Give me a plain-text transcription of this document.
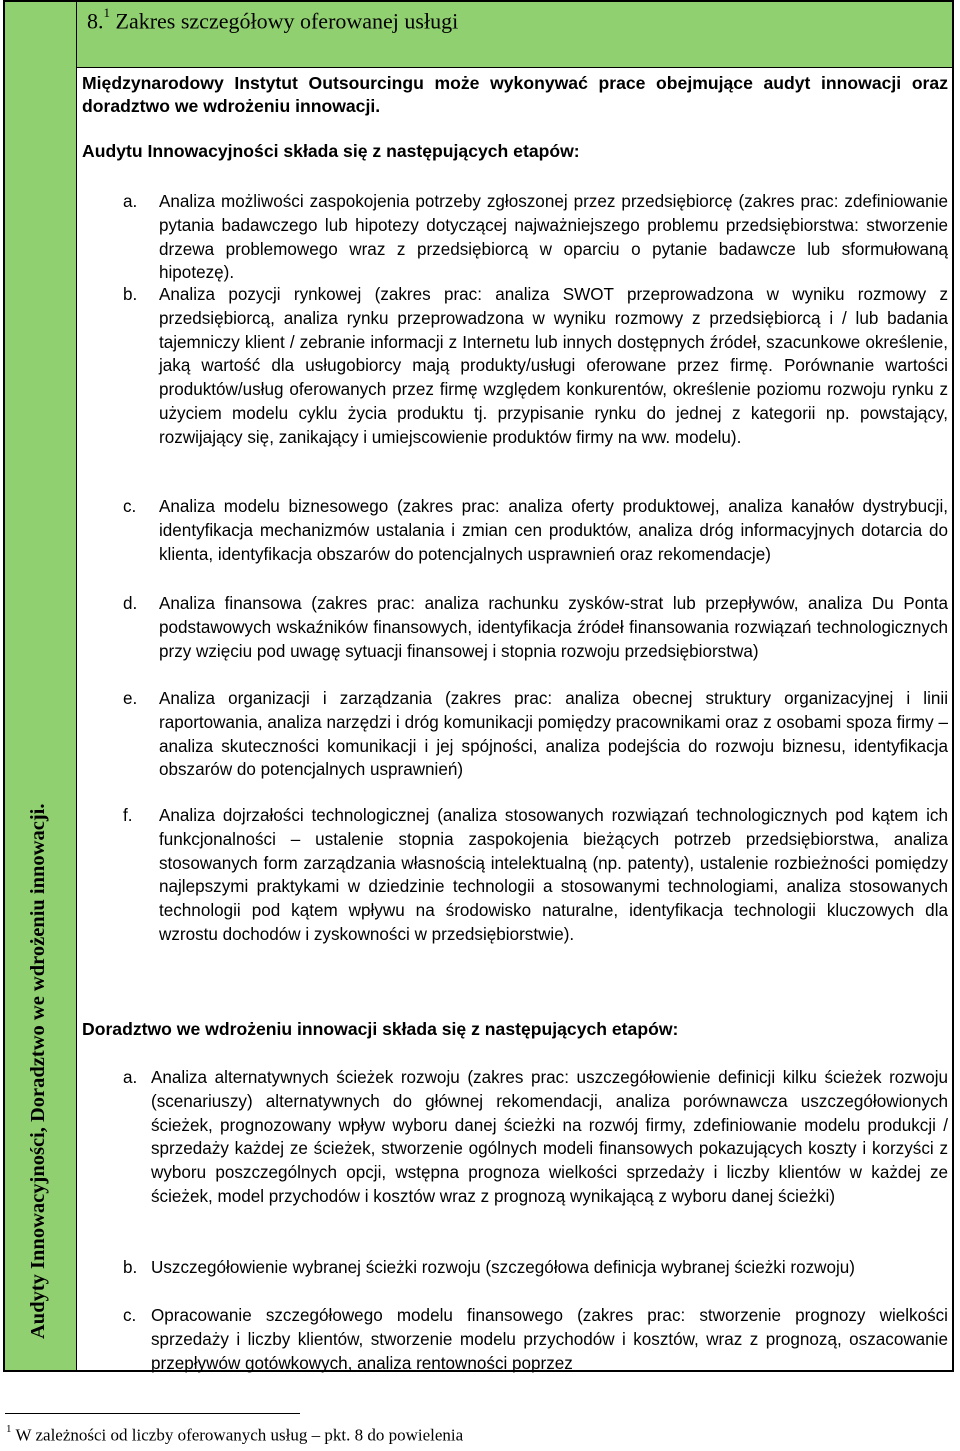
Audyty Innowacyjności, Doradztwo we wdrożeniu innowacji.
8.$^1$ Zakres szczegółowy oferowanej usługi
Międzynarodowy Instytut Outsourcingu może wykonywać prace obejmujące audyt innowacji oraz doradztwo we wdrożeniu innowacji.
Audytu Innowacyjności składa się z następujących etapów:
a. Analiza możliwości zaspokojenia potrzeby zgłoszonej przez przedsiębiorcę (zakres prac: zdefiniowanie pytania badawczego lub hipotezy dotyczącej najważniejszego problemu przedsiębiorstwa: stworzenie drzewa problemowego wraz z przedsiębiorcą w oparciu o pytanie badawcze lub sformułowaną hipotezę).
b. Analiza pozycji rynkowej (zakres prac: analiza SWOT przeprowadzona w wyniku rozmowy z przedsiębiorcą, analiza rynku przeprowadzona w wyniku rozmowy z przedsiębiorcą i / lub badania tajemniczy klient / zebranie informacji z Internetu lub innych dostępnych źródeł, szacunkowe określenie, jaką wartość dla usługobiorcy mają produkty/usługi oferowane przez firmę. Porównanie wartości produktów/usług oferowanych przez firmę względem konkurentów, określenie poziomu rozwoju rynku z użyciem modelu cyklu życia produktu tj. przypisanie rynku do jednej z kategorii np. powstający, rozwijający się, zanikający i umiejscowienie produktów firmy na ww. modelu).
c. Analiza modelu biznesowego (zakres prac: analiza oferty produktowej, analiza kanałów dystrybucji, identyfikacja mechanizmów ustalania i zmian cen produktów, analiza dróg informacyjnych dotarcia do klienta, identyfikacja obszarów do potencjalnych usprawnień oraz rekomendacje)
d. Analiza finansowa (zakres prac: analiza rachunku zysków-strat lub przepływów, analiza Du Ponta podstawowych wskaźników finansowych, identyfikacja źródeł finansowania rozwiązań technologicznych przy wzięciu pod uwagę sytuacji finansowej i stopnia rozwoju przedsiębiorstwa)
e. Analiza organizacji i zarządzania (zakres prac: analiza obecnej struktury organizacyjnej i linii raportowania, analiza narzędzi i dróg komunikacji pomiędzy pracownikami oraz z osobami spoza firmy – analiza skuteczności komunikacji i jej spójności, analiza podejścia do rozwoju biznesu, identyfikacja obszarów do potencjalnych usprawnień)
f. Analiza dojrzałości technologicznej (analiza stosowanych rozwiązań technologicznych pod kątem ich funkcjonalności – ustalenie stopnia zaspokojenia bieżących potrzeb przedsiębiorstwa, analiza stosowanych form zarządzania własnością intelektualną (np. patenty), ustalenie rozbieżności pomiędzy najlepszymi praktykami w dziedzinie technologii a stosowanymi technologiami, analiza stosowanych technologii pod kątem wpływu na środowisko naturalne, identyfikacja technologii kluczowych dla wzrostu dochodów i zyskowności w przedsiębiorstwie).
Doradztwo we wdrożeniu innowacji składa się z następujących etapów:
a. Analiza alternatywnych ścieżek rozwoju (zakres prac: uszczegółowienie definicji kilku ścieżek rozwoju (scenariuszy) alternatywnych do głównej rekomendacji, analiza porównawcza uszczegółowionych ścieżek, prognozowany wpływ wyboru danej ścieżki na rozwój firmy, zdefiniowanie modelu produkcji / sprzedaży każdej ze ścieżek, stworzenie ogólnych modeli finansowych pokazujących koszty i korzyści z wyboru poszczególnych opcji, wstępna prognoza wielkości sprzedaży i liczby klientów w każdej ze ścieżek, model przychodów i kosztów wraz z prognozą wynikającą z wyboru danej ścieżki)
b. Uszczegółowienie wybranej ścieżki rozwoju (szczegółowa definicja wybranej ścieżki rozwoju)
c. Opracowanie szczegółowego modelu finansowego (zakres prac: stworzenie prognozy wielkości sprzedaży i liczby klientów, stworzenie modelu przychodów i kosztów, wraz z prognozą, oszacowanie przepływów gotówkowych, analiza rentowności poprzez
$^1$ W zależności od liczby oferowanych usług – pkt. 8 do powielenia
